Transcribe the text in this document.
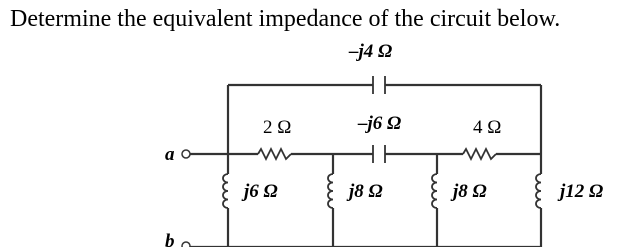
Determine the equivalent impedance of the circuit below.
a
b
–j4 Ω
2 Ω	–j6 Ω	4 Ω
j6 Ω	j8 Ω	j8 Ω	j12 Ω
